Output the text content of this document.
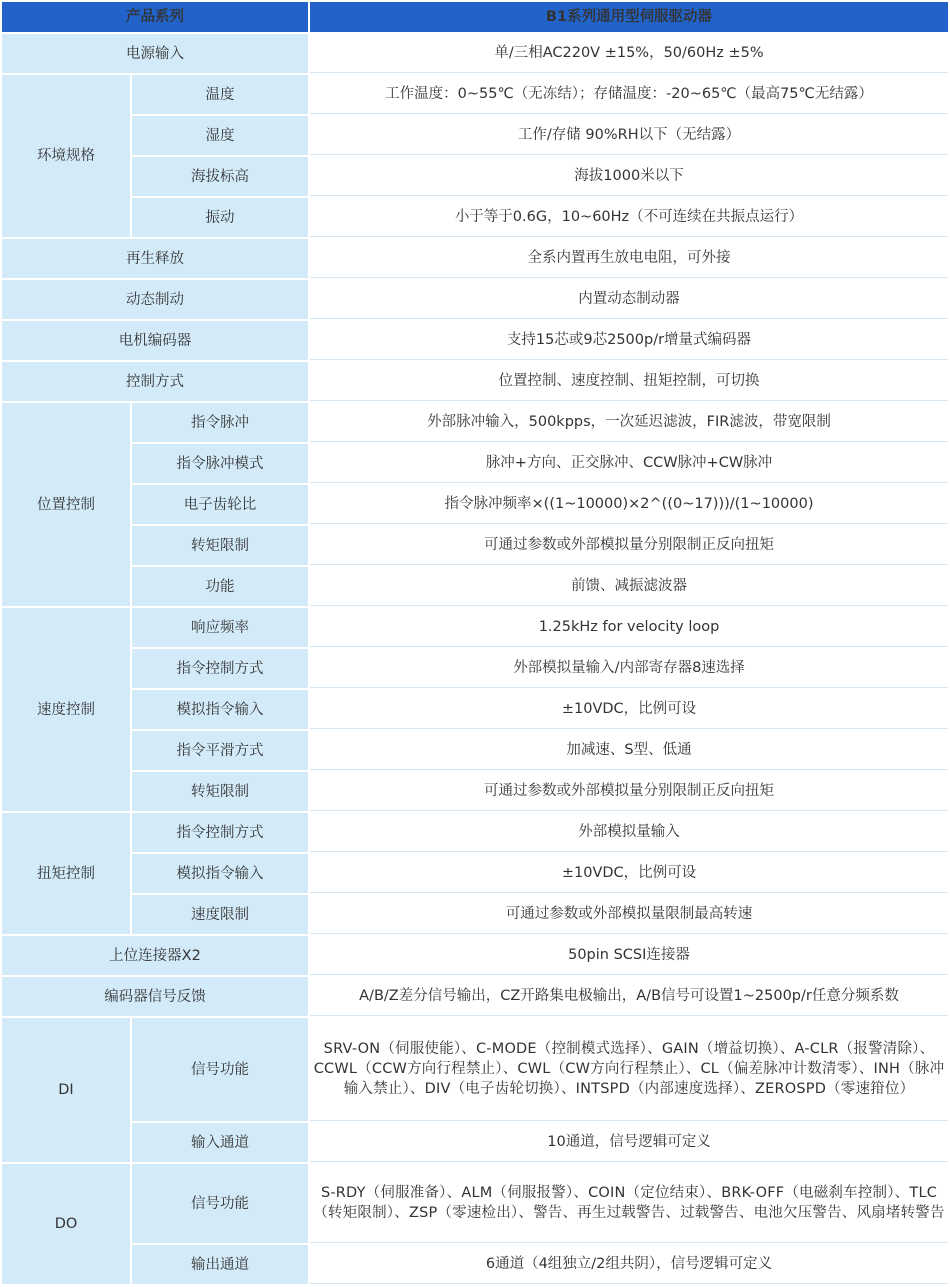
产品系列		B1系列通用型伺服驱动器
电源输入		单/三相AC220V ±15%，50/60Hz ±5%
环境规格	温度	工作温度：0~55℃（无冻结）；存储温度：-20~65℃（最高75℃无结露）
	湿度	工作/存储 90%RH以下（无结露）
	海拔标高	海拔1000米以下
	振动	小于等于0.6G，10~60Hz（不可连续在共振点运行）
再生释放		全系内置再生放电电阻，可外接
动态制动		内置动态制动器
电机编码器		支持15芯或9芯2500p/r增量式编码器
控制方式		位置控制、速度控制、扭矩控制，可切换
位置控制	指令脉冲	外部脉冲输入，500kpps，一次延迟滤波，FIR滤波，带宽限制
	指令脉冲模式	脉冲+方向、正交脉冲、CCW脉冲+CW脉冲
	电子齿轮比	指令脉冲频率×((1~10000)×2^((0~17)))/(1~10000)
	转矩限制	可通过参数或外部模拟量分别限制正反向扭矩
	功能	前馈、减振滤波器
速度控制	响应频率	1.25kHz for velocity loop
	指令控制方式	外部模拟量输入/内部寄存器8速选择
	模拟指令输入	±10VDC，比例可设
	指令平滑方式	加减速、S型、低通
	转矩限制	可通过参数或外部模拟量分别限制正反向扭矩
扭矩控制	指令控制方式	外部模拟量输入
	模拟指令输入	±10VDC，比例可设
	速度限制	可通过参数或外部模拟量限制最高转速
上位连接器X2		50pin SCSI连接器
编码器信号反馈		A/B/Z差分信号输出，CZ开路集电极输出，A/B信号可设置1~2500p/r任意分频系数
DI	信号功能	SRV-ON（伺服使能）、C-MODE（控制模式选择）、GAIN（增益切换）、A-CLR（报警清除）、CCWL（CCW方向行程禁止）、CWL（CW方向行程禁止）、CL（偏差脉冲计数清零）、INH（脉冲输入禁止）、DIV（电子齿轮切换）、INTSPD（内部速度选择）、ZEROSPD（零速箝位）
	输入通道	10通道，信号逻辑可定义
DO	信号功能	S-RDY（伺服准备）、ALM（伺服报警）、COIN（定位结束）、BRK-OFF（电磁刹车控制）、TLC（转矩限制）、ZSP（零速检出）、警告、再生过载警告、过载警告、电池欠压警告、风扇堵转警告
	输出通道	6通道（4组独立/2组共阴），信号逻辑可定义
